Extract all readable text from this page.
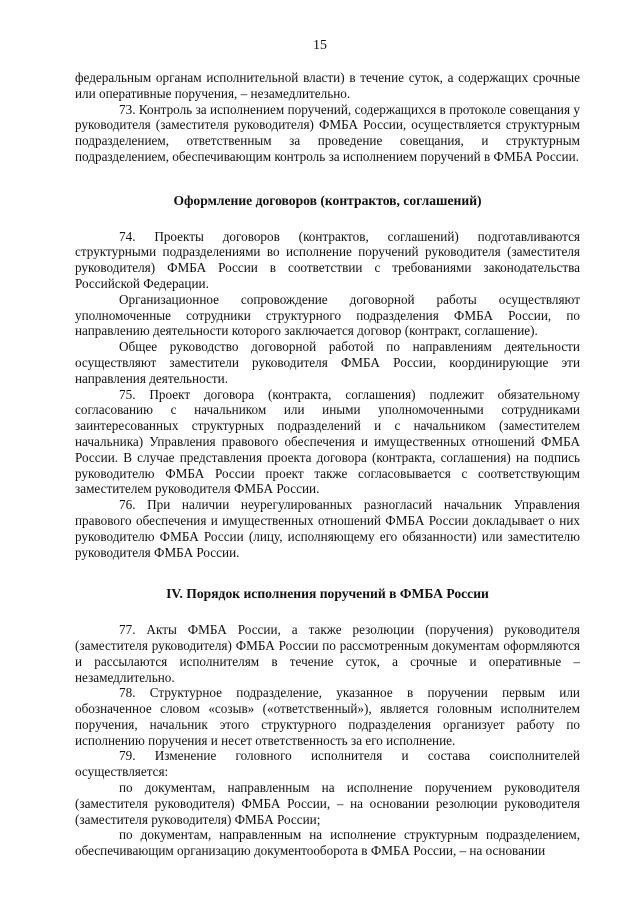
15

федеральным органам исполнительной власти) в течение суток, а содержащих срочные или оперативные поручения, – незамедлительно.

73. Контроль за исполнением поручений, содержащихся в протоколе совещания у руководителя (заместителя руководителя) ФМБА России, осуществляется структурным подразделением, ответственным за проведение совещания, и структурным подразделением, обеспечивающим контроль за исполнением поручений в ФМБА России.

Оформление договоров (контрактов, соглашений)

74. Проекты договоров (контрактов, соглашений) подготавливаются структурными подразделениями во исполнение поручений руководителя (заместителя руководителя) ФМБА России в соответствии с требованиями законодательства Российской Федерации.

Организационное сопровождение договорной работы осуществляют уполномоченные сотрудники структурного подразделения ФМБА России, по направлению деятельности которого заключается договор (контракт, соглашение).

Общее руководство договорной работой по направлениям деятельности осуществляют заместители руководителя ФМБА России, координирующие эти направления деятельности.

75. Проект договора (контракта, соглашения) подлежит обязательному согласованию с начальником или иными уполномоченными сотрудниками заинтересованных структурных подразделений и с начальником (заместителем начальника) Управления правового обеспечения и имущественных отношений ФМБА России. В случае представления проекта договора (контракта, соглашения) на подпись руководителю ФМБА России проект также согласовывается с соответствующим заместителем руководителя ФМБА России.

76. При наличии неурегулированных разногласий начальник Управления правового обеспечения и имущественных отношений ФМБА России докладывает о них руководителю ФМБА России (лицу, исполняющему его обязанности) или заместителю руководителя ФМБА России.

IV. Порядок исполнения поручений в ФМБА России

77. Акты ФМБА России, а также резолюции (поручения) руководителя (заместителя руководителя) ФМБА России по рассмотренным документам оформляются и рассылаются исполнителям в течение суток, а срочные и оперативные – незамедлительно.

78. Структурное подразделение, указанное в поручении первым или обозначенное словом «созыв» («ответственный»), является головным исполнителем поручения, начальник этого структурного подразделения организует работу по исполнению поручения и несет ответственность за его исполнение.

79. Изменение головного исполнителя и состава соисполнителей осуществляется:

по документам, направленным на исполнение поручением руководителя (заместителя руководителя) ФМБА России, – на основании резолюции руководителя (заместителя руководителя) ФМБА России;

по документам, направленным на исполнение структурным подразделением, обеспечивающим организацию документооборота в ФМБА России, – на основании
